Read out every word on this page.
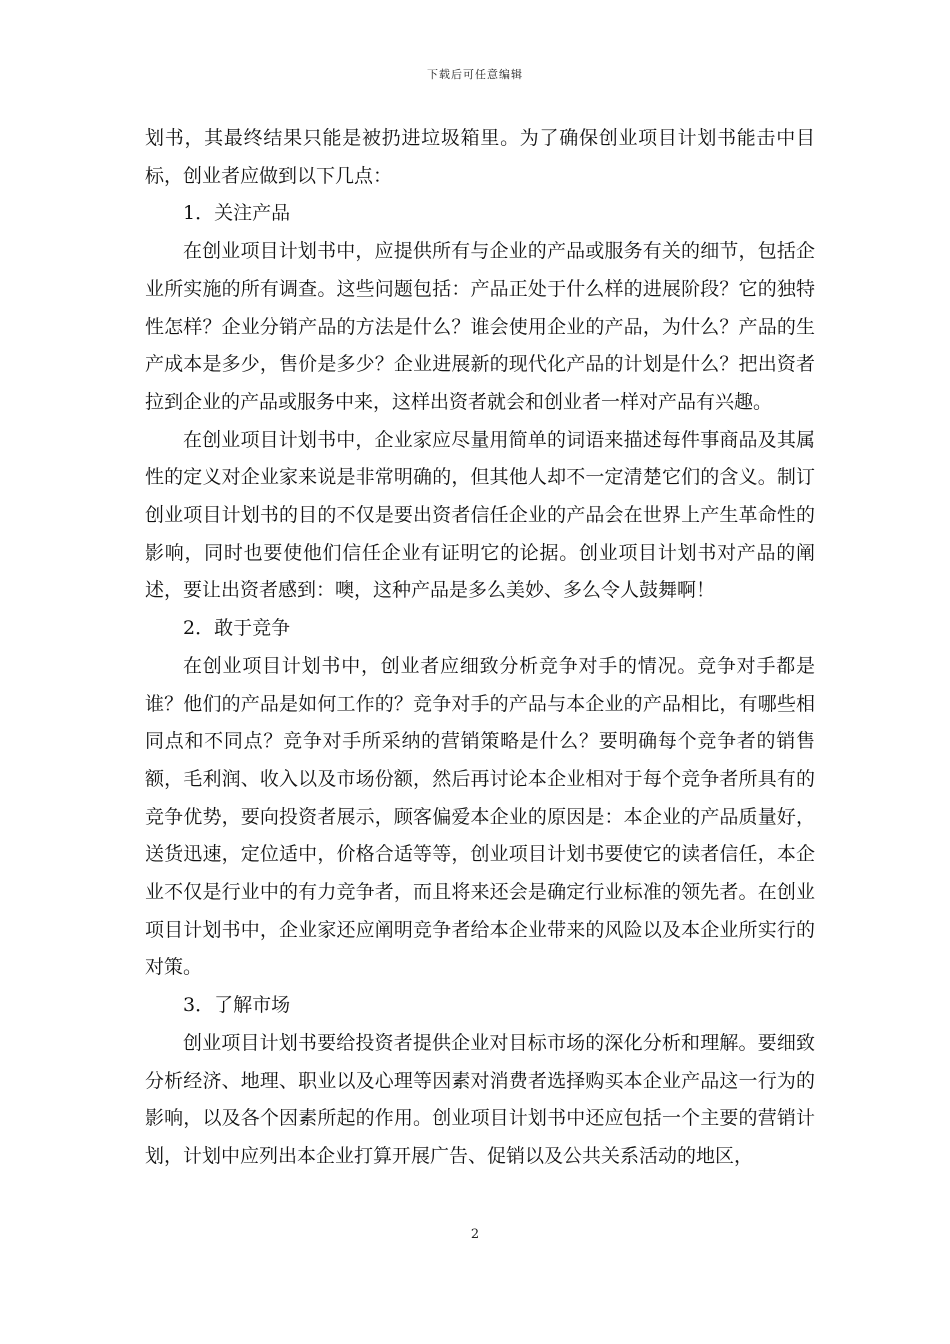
下载后可任意编辑

划书，其最终结果只能是被扔进垃圾箱里。为了确保创业项目计划书能击中目标，创业者应做到以下几点：

1．关注产品

在创业项目计划书中，应提供所有与企业的产品或服务有关的细节，包括企业所实施的所有调查。这些问题包括：产品正处于什么样的进展阶段？它的独特性怎样？企业分销产品的方法是什么？谁会使用企业的产品，为什么？产品的生产成本是多少，售价是多少？企业进展新的现代化产品的计划是什么？把出资者拉到企业的产品或服务中来，这样出资者就会和创业者一样对产品有兴趣。

在创业项目计划书中，企业家应尽量用简单的词语来描述每件事商品及其属性的定义对企业家来说是非常明确的，但其他人却不一定清楚它们的含义。制订创业项目计划书的目的不仅是要出资者信任企业的产品会在世界上产生革命性的影响，同时也要使他们信任企业有证明它的论据。创业项目计划书对产品的阐述，要让出资者感到：噢，这种产品是多么美妙、多么令人鼓舞啊！

2．敢于竞争

在创业项目计划书中，创业者应细致分析竞争对手的情况。竞争对手都是谁？他们的产品是如何工作的？竞争对手的产品与本企业的产品相比，有哪些相同点和不同点？竞争对手所采纳的营销策略是什么？要明确每个竞争者的销售额，毛利润、收入以及市场份额，然后再讨论本企业相对于每个竞争者所具有的竞争优势，要向投资者展示，顾客偏爱本企业的原因是：本企业的产品质量好，送货迅速，定位适中，价格合适等等，创业项目计划书要使它的读者信任，本企业不仅是行业中的有力竞争者，而且将来还会是确定行业标准的领先者。在创业项目计划书中，企业家还应阐明竞争者给本企业带来的风险以及本企业所实行的对策。

3．了解市场

创业项目计划书要给投资者提供企业对目标市场的深化分析和理解。要细致分析经济、地理、职业以及心理等因素对消费者选择购买本企业产品这一行为的影响，以及各个因素所起的作用。创业项目计划书中还应包括一个主要的营销计划，计划中应列出本企业打算开展广告、促销以及公共关系活动的地区，

2
